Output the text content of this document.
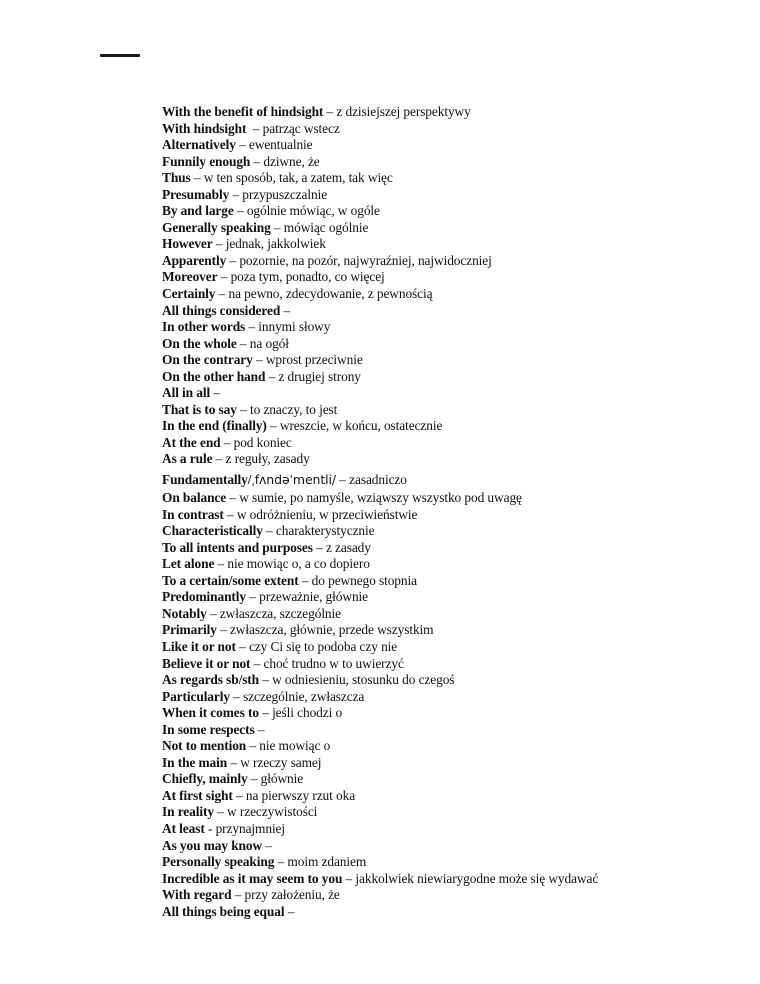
With the benefit of hindsight – z dzisiejszej perspektywy
With hindsight  – patrząc wstecz
Alternatively – ewentualnie
Funnily enough – dziwne, że
Thus – w ten sposób, tak, a zatem, tak więc
Presumably – przypuszczalnie
By and large – ogólnie mówiąc, w ogóle
Generally speaking – mówiąc ogólnie
However – jednak, jakkolwiek
Apparently – pozornie, na pozór, najwyraźniej, najwidoczniej
Moreover – poza tym, ponadto, co więcej
Certainly – na pewno, zdecydowanie, z pewnością
All things considered –
In other words – innymi słowy
On the whole – na ogół
On the contrary – wprost przeciwnie
On the other hand – z drugiej strony
All in all –
That is to say – to znaczy, to jest
In the end (finally) – wreszcie, w końcu, ostatecznie
At the end – pod koniec
As a rule – z reguły, zasady
Fundamentally/ˌfʌndəˈmentli/ – zasadniczo
On balance – w sumie, po namyśle, wziąwszy wszystko pod uwagę
In contrast – w odróżnieniu, w przeciwieństwie
Characteristically – charakterystycznie
To all intents and purposes – z zasady
Let alone – nie mowiąc o, a co dopiero
To a certain/some extent – do pewnego stopnia
Predominantly – przeważnie, głównie
Notably – zwłaszcza, szczególnie
Primarily – zwłaszcza, głównie, przede wszystkim
Like it or not – czy Ci się to podoba czy nie
Believe it or not – choć trudno w to uwierzyć
As regards sb/sth – w odniesieniu, stosunku do czegoś
Particularly – szczególnie, zwłaszcza
When it comes to – jeśli chodzi o
In some respects –
Not to mention – nie mowiąc o
In the main – w rzeczy samej
Chiefly, mainly – głównie
At first sight – na pierwszy rzut oka
In reality – w rzeczywistości
At least - przynajmniej
As you may know –
Personally speaking – moim zdaniem
Incredible as it may seem to you – jakkolwiek niewiarygodne może się wydawać
With regard – przy założeniu, że
All things being equal –
